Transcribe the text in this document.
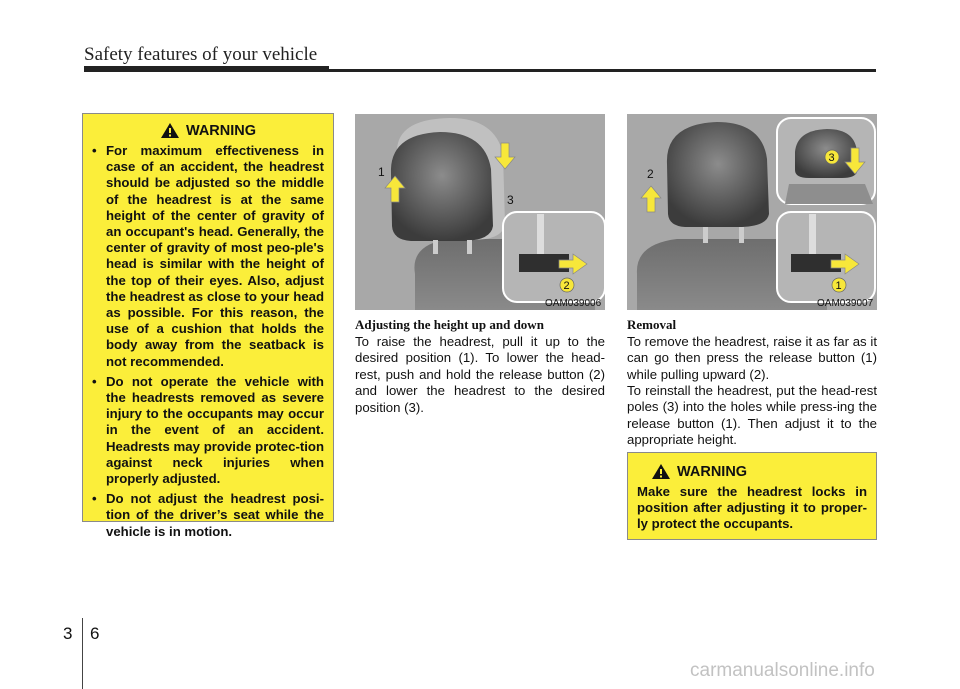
Safety features of your vehicle
WARNING
• For maximum effectiveness in case of an accident, the headrest should be adjusted so the middle of the headrest is at the same height of the center of gravity of an occupant's head. Generally, the center of gravity of most peo-ple's head is similar with the height of the top of their eyes. Also, adjust the headrest as close to your head as possible. For this reason, the use of a cushion that holds the body away from the seatback is not recommended.
• Do not operate the vehicle with the headrests removed as severe injury to the occupants may occur in the event of an accident. Headrests may provide protec-tion against neck injuries when properly adjusted.
• Do not adjust the headrest posi-tion of the driver’s seat while the vehicle is in motion.
1
2
3
OAM039006
2
1
3
OAM039007
Adjusting the height up and down

To raise the headrest, pull it up to the desired position (1). To lower the head-rest, push and hold the release button (2) and lower the headrest to the desired position (3).

Removal

To remove the headrest, raise it as far as it can go then press the release button (1) while pulling upward (2).

To reinstall the headrest, put the head-rest poles (3) into the holes while press-ing the release button (1). Then adjust it to the appropriate height.

WARNING
Make sure the headrest locks in position after adjusting it to proper-ly protect the occupants.
3 6
carmanualsonline.info
